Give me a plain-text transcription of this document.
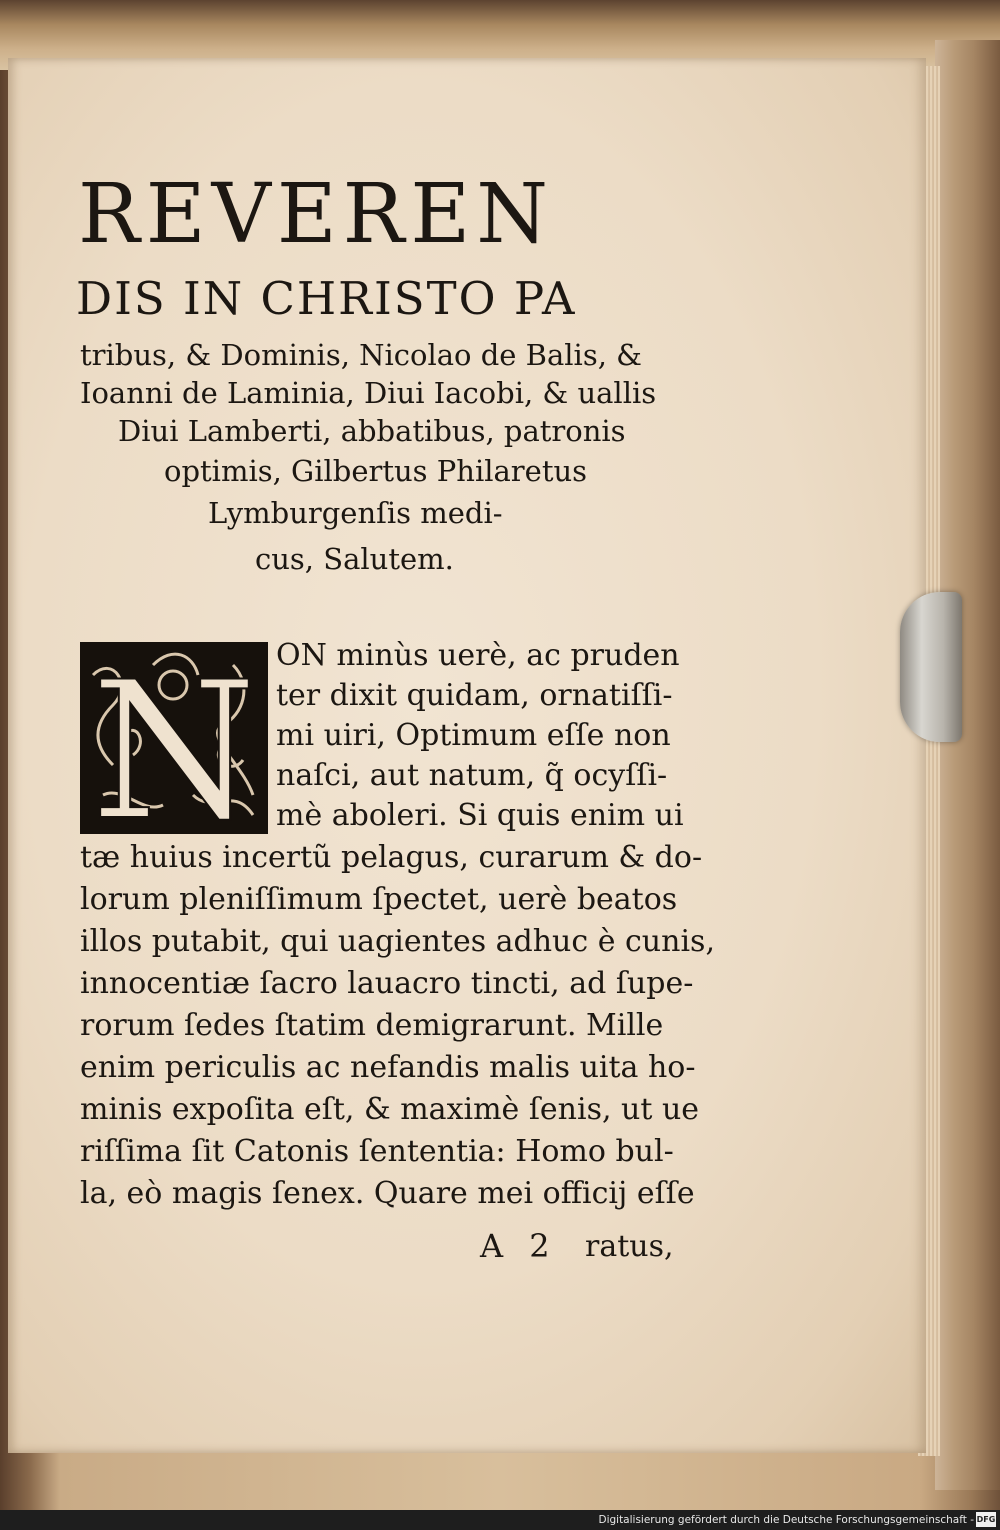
REVEREN
DIS IN CHRISTO PA
tribus, & Dominis, Nicolao de Balis, &
Ioanni de Laminia, Diui Iacobi, & uallis
Diui Lamberti, abbatibus, patronis
optimis, Gilbertus Philaretus
Lymburgenſis medi-
cus, Salutem.
N ON minùs uerè, ac pruden
ter dixit quidam, ornatiſſi-
mi uiri, Optimum eſſe non
naſci, aut natum, q̃ ocyſſi-
mè aboleri. Si quis enim ui
tæ huius incertũ pelagus, curarum & do-
lorum pleniſſimum ſpectet, uerè beatos
illos putabit, qui uagientes adhuc è cunis,
innocentiæ ſacro lauacro tincti, ad ſupe-
rorum ſedes ſtatim demigrarunt. Mille
enim periculis ac nefandis malis uita ho-
minis expoſita eſt, & maximè ſenis, ut ue
riſſima ſit Catonis ſententia: Homo bul-
la, eò magis ſenex. Quare mei officij eſſe
A 2 ratus,
Digitalisierung gefördert durch die Deutsche Forschungsgemeinschaft - DFG
